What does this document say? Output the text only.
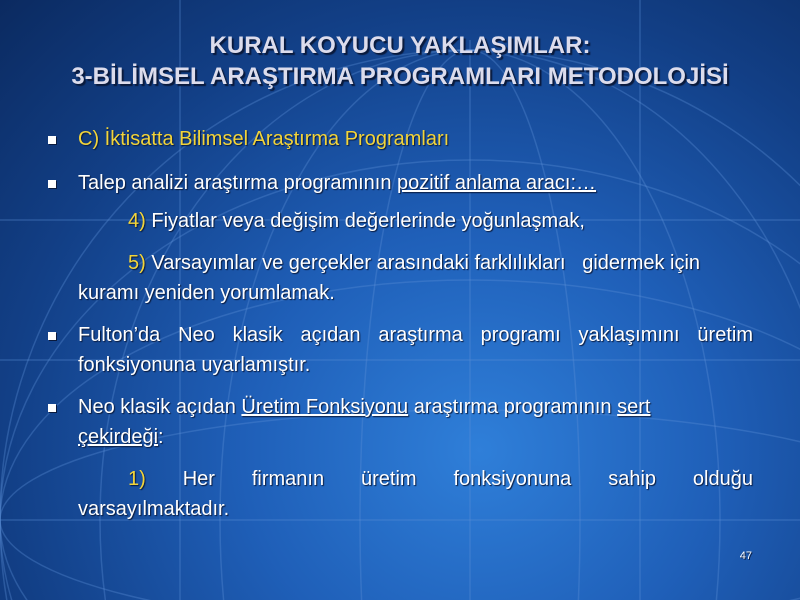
KURAL KOYUCU YAKLAŞIMLAR:
3-BİLİMSEL ARAŞTIRMA PROGRAMLARI METODOLOJİSİ
C) İktisatta Bilimsel Araştırma Programları
Talep analizi araştırma programının pozitif anlama aracı:…
4) Fiyatlar veya değişim değerlerinde yoğunlaşmak,
5) Varsayımlar ve gerçekler arasındaki farklılıkları   gidermek için kuramı yeniden yorumlamak.
Fulton’da Neo klasik açıdan araştırma programı yaklaşımını üretim fonksiyonuna uyarlamıştır.
Neo klasik açıdan Üretim Fonksiyonu araştırma programının sert
çekirdeği:
1) Her firmanın üretim fonksiyonuna sahip olduğu
varsayılmaktadır.
47
